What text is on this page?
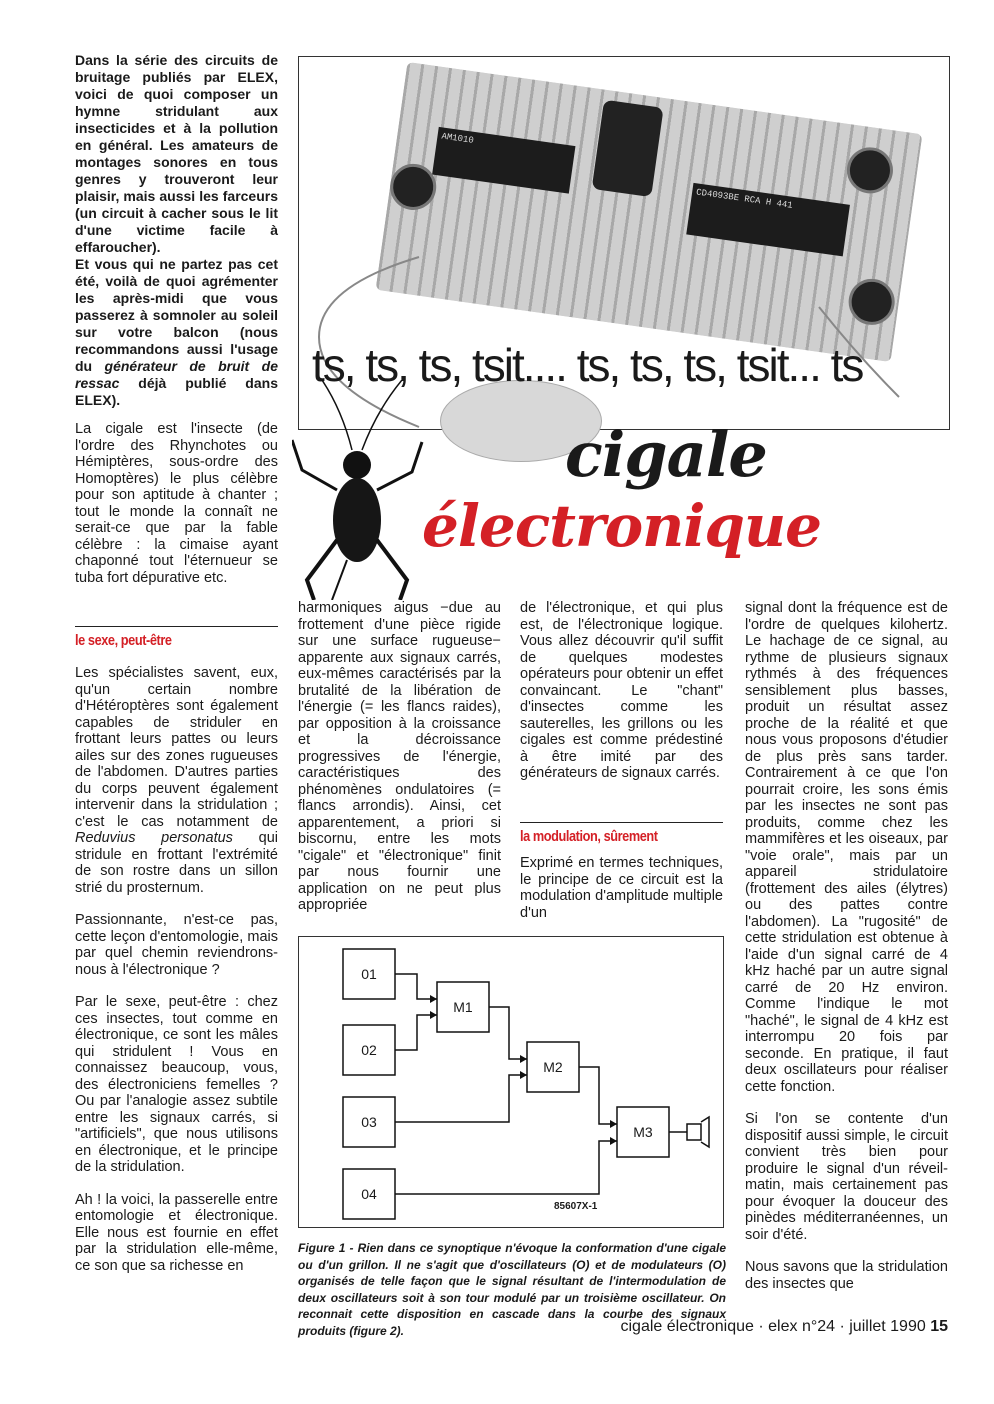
Dans la série des circuits de bruitage publiés par ELEX, voici de quoi composer un hymne stridulant aux insecticides et à la pollution en général. Les amateurs de montages sonores en tous genres y trouveront leur plaisir, mais aussi les farceurs (un circuit à cacher sous le lit d'une victime facile à effaroucher).

Et vous qui ne partez pas cet été, voilà de quoi agrémenter les après-midi que vous passerez à somnoler au soleil sur votre balcon (nous recommandons aussi l'usage du générateur de bruit de ressac déjà publié dans ELEX).

AM1010
CD4093BE RCA H 441
ts, ts, ts, tsit.... ts, ts, ts, tsit... ts
cigale
électronique
La cigale est l'insecte (de l'ordre des Rhynchotes ou Hémiptères, sous-ordre des Homoptères) le plus célèbre pour son aptitude à chanter ; tout le monde la connaît ne serait-ce que par la fable célèbre : la cimaise ayant chaponné tout l'éternueur se tuba fort dépurative etc.
le sexe, peut-être

Les spécialistes savent, eux, qu'un certain nombre d'Hétéroptères sont également capables de striduler en frottant leurs pattes ou leurs ailes sur des zones rugueuses de l'abdomen. D'autres parties du corps peuvent également intervenir dans la stridulation ; c'est le cas notamment de Reduvius personatus qui stridule en frottant l'extrémité de son rostre dans un sillon strié du prosternum.

Passionnante, n'est-ce pas, cette leçon d'entomologie, mais par quel chemin reviendrons-nous à l'électronique ?

Par le sexe, peut-être : chez ces insectes, tout comme en électronique, ce sont les mâles qui stridulent ! Vous en connaissez beaucoup, vous, des électroniciens femelles ? Ou par l'analogie assez subtile entre les signaux carrés, si "artificiels", que nous utilisons en électronique, et le principe de la stridulation.

Ah ! la voici, la passerelle entre entomologie et électronique. Elle nous est fournie en effet par la stridulation elle-même, ce son que sa richesse en

harmoniques aigus −due au frottement d'une pièce rigide sur une surface rugueuse− apparente aux signaux carrés, eux-mêmes caractérisés par la brutalité de la libération de l'énergie (= les flancs raides), par opposition à la croissance et la décroissance progressives de l'énergie, caractéristiques des phénomènes ondulatoires (= flancs arrondis). Ainsi, cet apparentement, a priori si biscornu, entre les mots "cigale" et "électronique" finit par nous fournir une application on ne peut plus appropriée
de l'électronique, et qui plus est, de l'électronique logique. Vous allez découvrir qu'il suffit de quelques modestes opérateurs pour obtenir un effet convaincant. Le "chant" d'insectes comme les sauterelles, les grillons ou les cigales est comme prédestiné à être imité par des générateurs de signaux carrés.
la modulation, sûrement
Exprimé en termes techniques, le principe de ce circuit est la modulation d'amplitude multiple d'un

signal dont la fréquence est de l'ordre de quelques kilohertz. Le hachage de ce signal, au rythme de plusieurs signaux rythmés à des fréquences sensiblement plus basses, produit un résultat assez proche de la réalité et que nous vous proposons d'étudier de plus près sans tarder. Contrairement à ce que l'on pourrait croire, les sons émis par les insectes ne sont pas produits, comme chez les mammifères et les oiseaux, par "voie orale", mais par un appareil stridulatoire (frottement des ailes (élytres) ou des pattes contre l'abdomen). La "rugosité" de cette stridulation est obtenue à l'aide d'un signal carré de 4 kHz haché par un autre signal carré de 20 Hz environ. Comme l'indique le mot "haché", le signal de 4 kHz est interrompu 20 fois par seconde. En pratique, il faut deux oscillateurs pour réaliser cette fonction.

Si l'on se contente d'un dispositif aussi simple, le circuit convient très bien pour produire le signal d'un réveil-matin, mais certainement pas pour évoquer la douceur des pinèdes méditerranéennes, un soir d'été.

Nous savons que la stridulation des insectes que

01
02
03
04
M1
M2
M3
85607X-1
Figure 1 - Rien dans ce synoptique n'évoque la conformation d'une cigale ou d'un grillon. Il ne s'agit que d'oscillateurs (O) et de modulateurs (O) organisés de telle façon que le signal résultant de l'intermodulation de deux oscillateurs soit à son tour modulé par un troisième oscillateur. On reconnait cette disposition en cascade dans la courbe des signaux produits (figure 2).	cigale électronique · elex n°24 · juillet 1990 15
